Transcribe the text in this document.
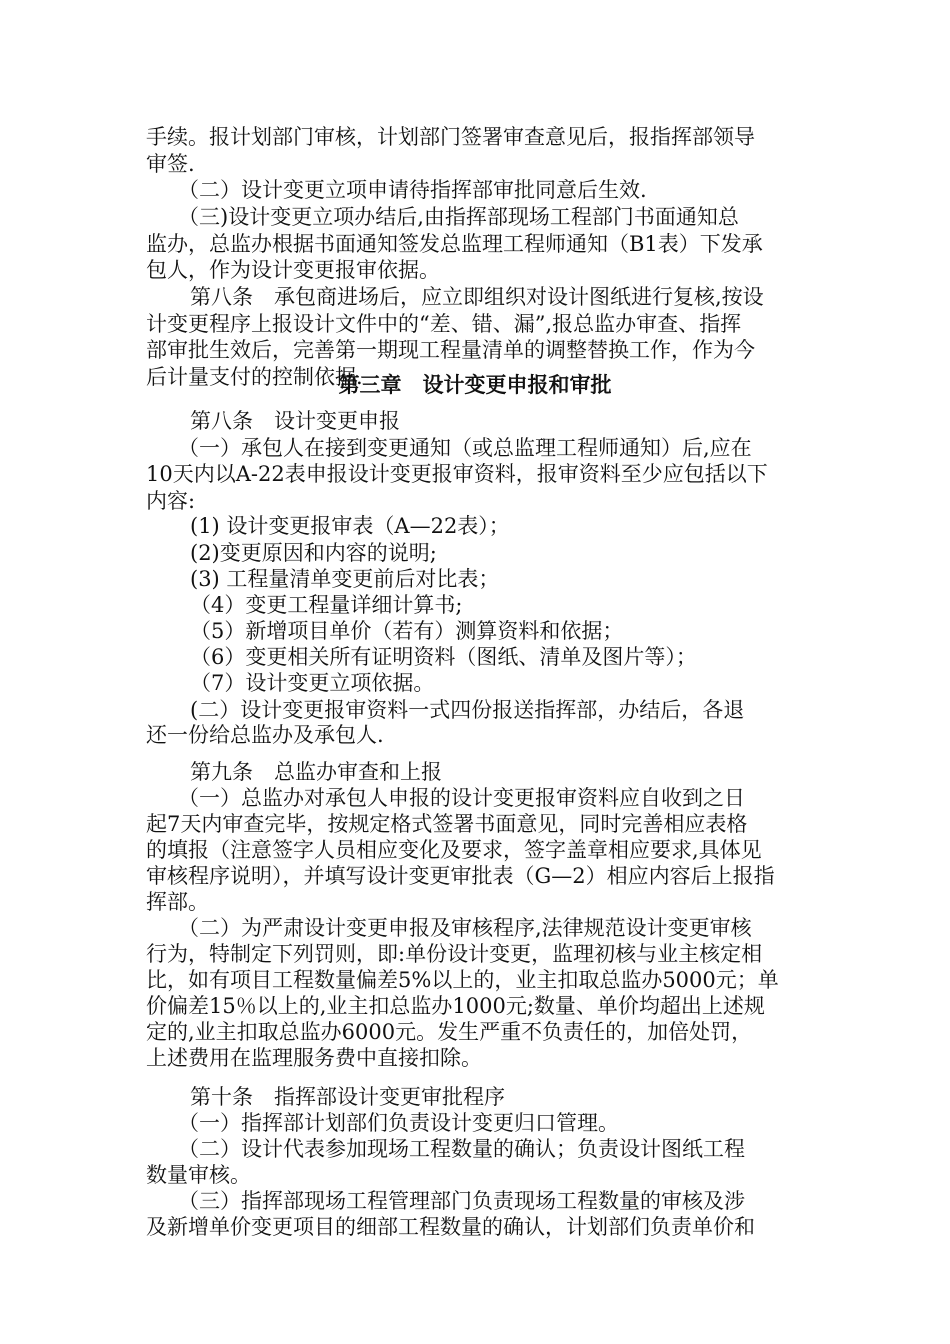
手续。报计划部门审核，计划部门签署审查意见后，报指挥部领导
审签.
（二）设计变更立项申请待指挥部审批同意后生效.
（三)设计变更立项办结后,由指挥部现场工程部门书面通知总
监办，总监办根据书面通知签发总监理工程师通知（B1表）下发承
包人，作为设计变更报审依据。
第八条　承包商进场后，应立即组织对设计图纸进行复核,按设
计变更程序上报设计文件中的“差、错、漏”,报总监办审查、指挥
部审批生效后，完善第一期现工程量清单的调整替换工作，作为今
后计量支付的控制依据.
第三章　设计变更申报和审批
第八条　设计变更申报
（一）承包人在接到变更通知（或总监理工程师通知）后,应在
10天内以A-22表申报设计变更报审资料，报审资料至少应包括以下
内容:
(1) 设计变更报审表（A—22表）；
(2)变更原因和内容的说明;
(3) 工程量清单变更前后对比表；
（4）变更工程量详细计算书;
（5）新增项目单价（若有）测算资料和依据；
（6）变更相关所有证明资料（图纸、清单及图片等）；
（7）设计变更立项依据。
(二）设计变更报审资料一式四份报送指挥部，办结后，各退
还一份给总监办及承包人.
第九条　总监办审查和上报
（一）总监办对承包人申报的设计变更报审资料应自收到之日
起7天内审查完毕，按规定格式签署书面意见，同时完善相应表格
的填报（注意签字人员相应变化及要求，签字盖章相应要求,具体见
审核程序说明），并填写设计变更审批表（G—2）相应内容后上报指
挥部。
（二）为严肃设计变更申报及审核程序,法律规范设计变更审核
行为，特制定下列罚则，即:单份设计变更，监理初核与业主核定相
比，如有项目工程数量偏差5%以上的，业主扣取总监办5000元；单
价偏差15％以上的,业主扣总监办1000元;数量、单价均超出上述规
定的,业主扣取总监办6000元。发生严重不负责任的，加倍处罚，
上述费用在监理服务费中直接扣除。
第十条　指挥部设计变更审批程序
（一）指挥部计划部们负责设计变更归口管理。
（二）设计代表参加现场工程数量的确认；负责设计图纸工程
数量审核。
（三）指挥部现场工程管理部门负责现场工程数量的审核及涉
及新增单价变更项目的细部工程数量的确认，计划部们负责单价和
